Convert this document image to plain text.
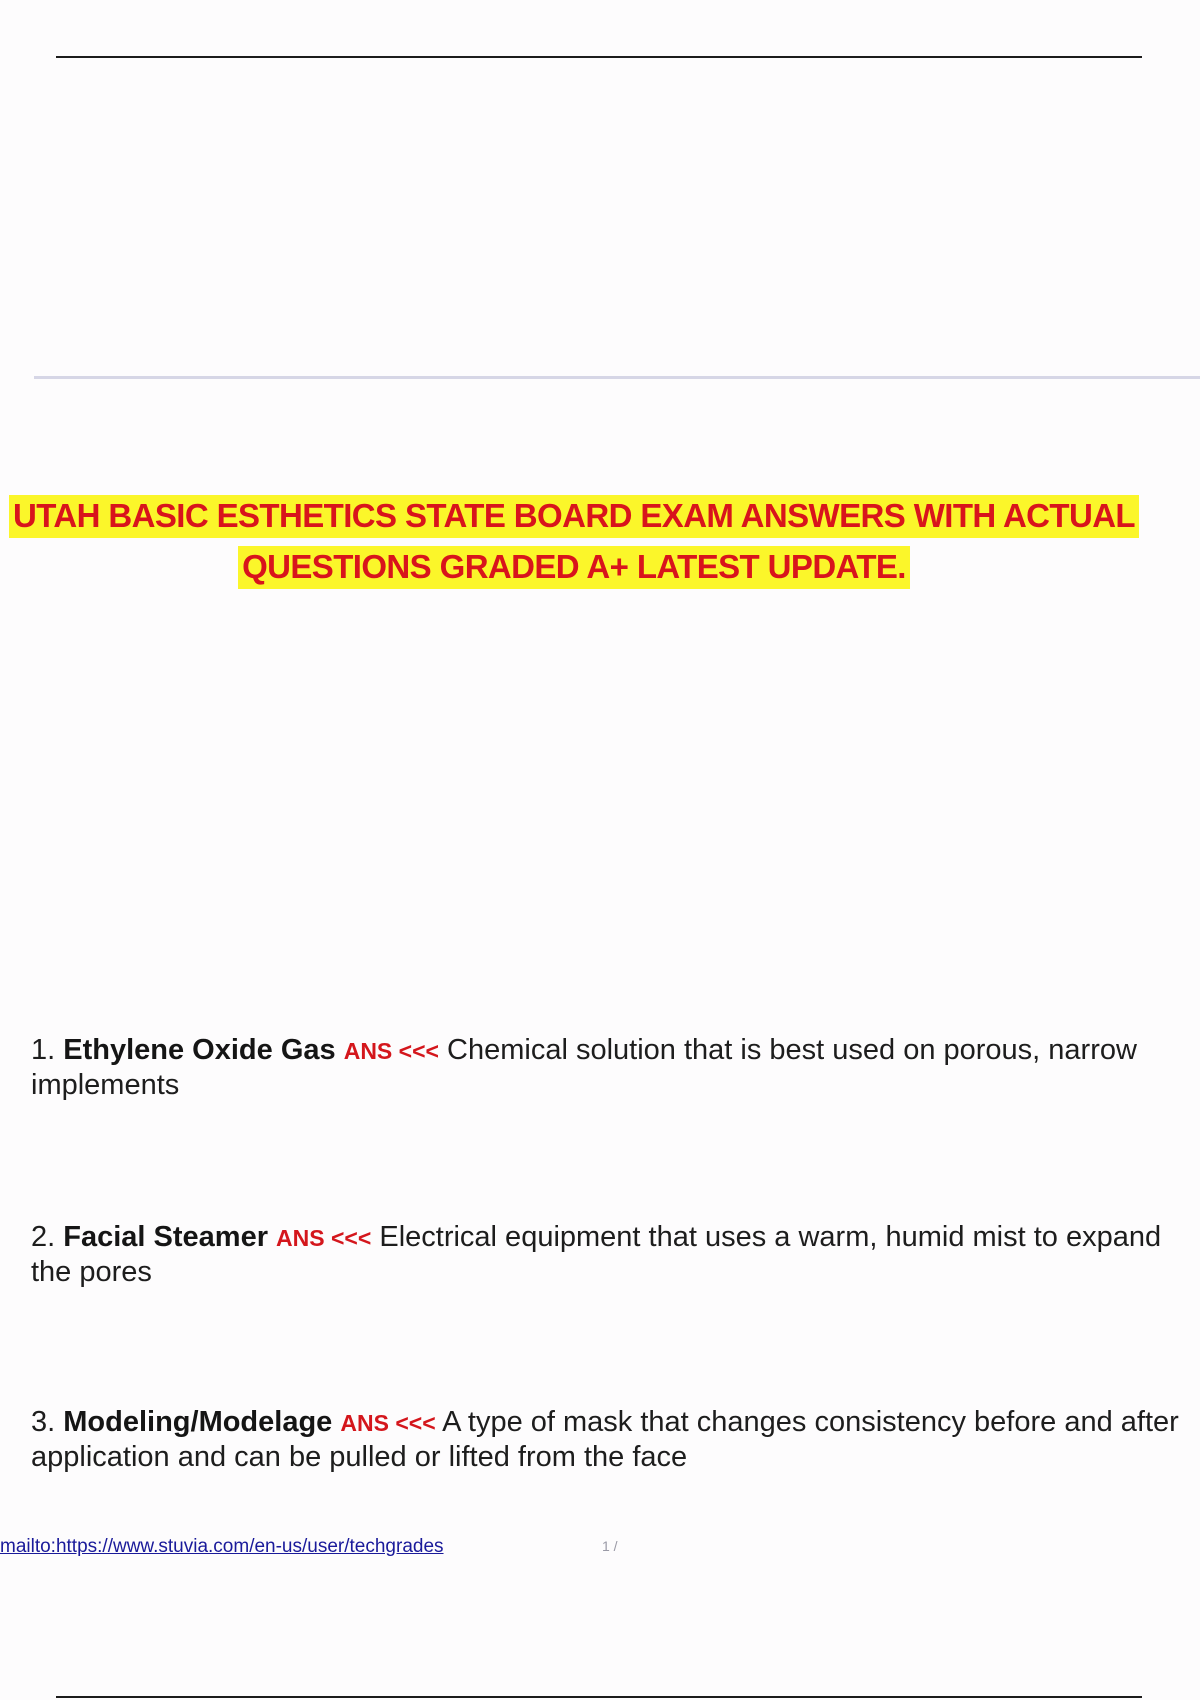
UTAH BASIC ESTHETICS STATE BOARD EXAM ANSWERS WITH ACTUAL
QUESTIONS GRADED A+ LATEST UPDATE.
1. Ethylene Oxide Gas ANS <<< Chemical solution that is best used on porous, narrow implements
2. Facial Steamer ANS <<< Electrical equipment that uses a warm, humid mist to expand the pores
3. Modeling/Modelage ANS <<< A type of mask that changes consistency before and after application and can be pulled or lifted from the face
mailto:https://www.stuvia.com/en-us/user/techgrades	1 /
